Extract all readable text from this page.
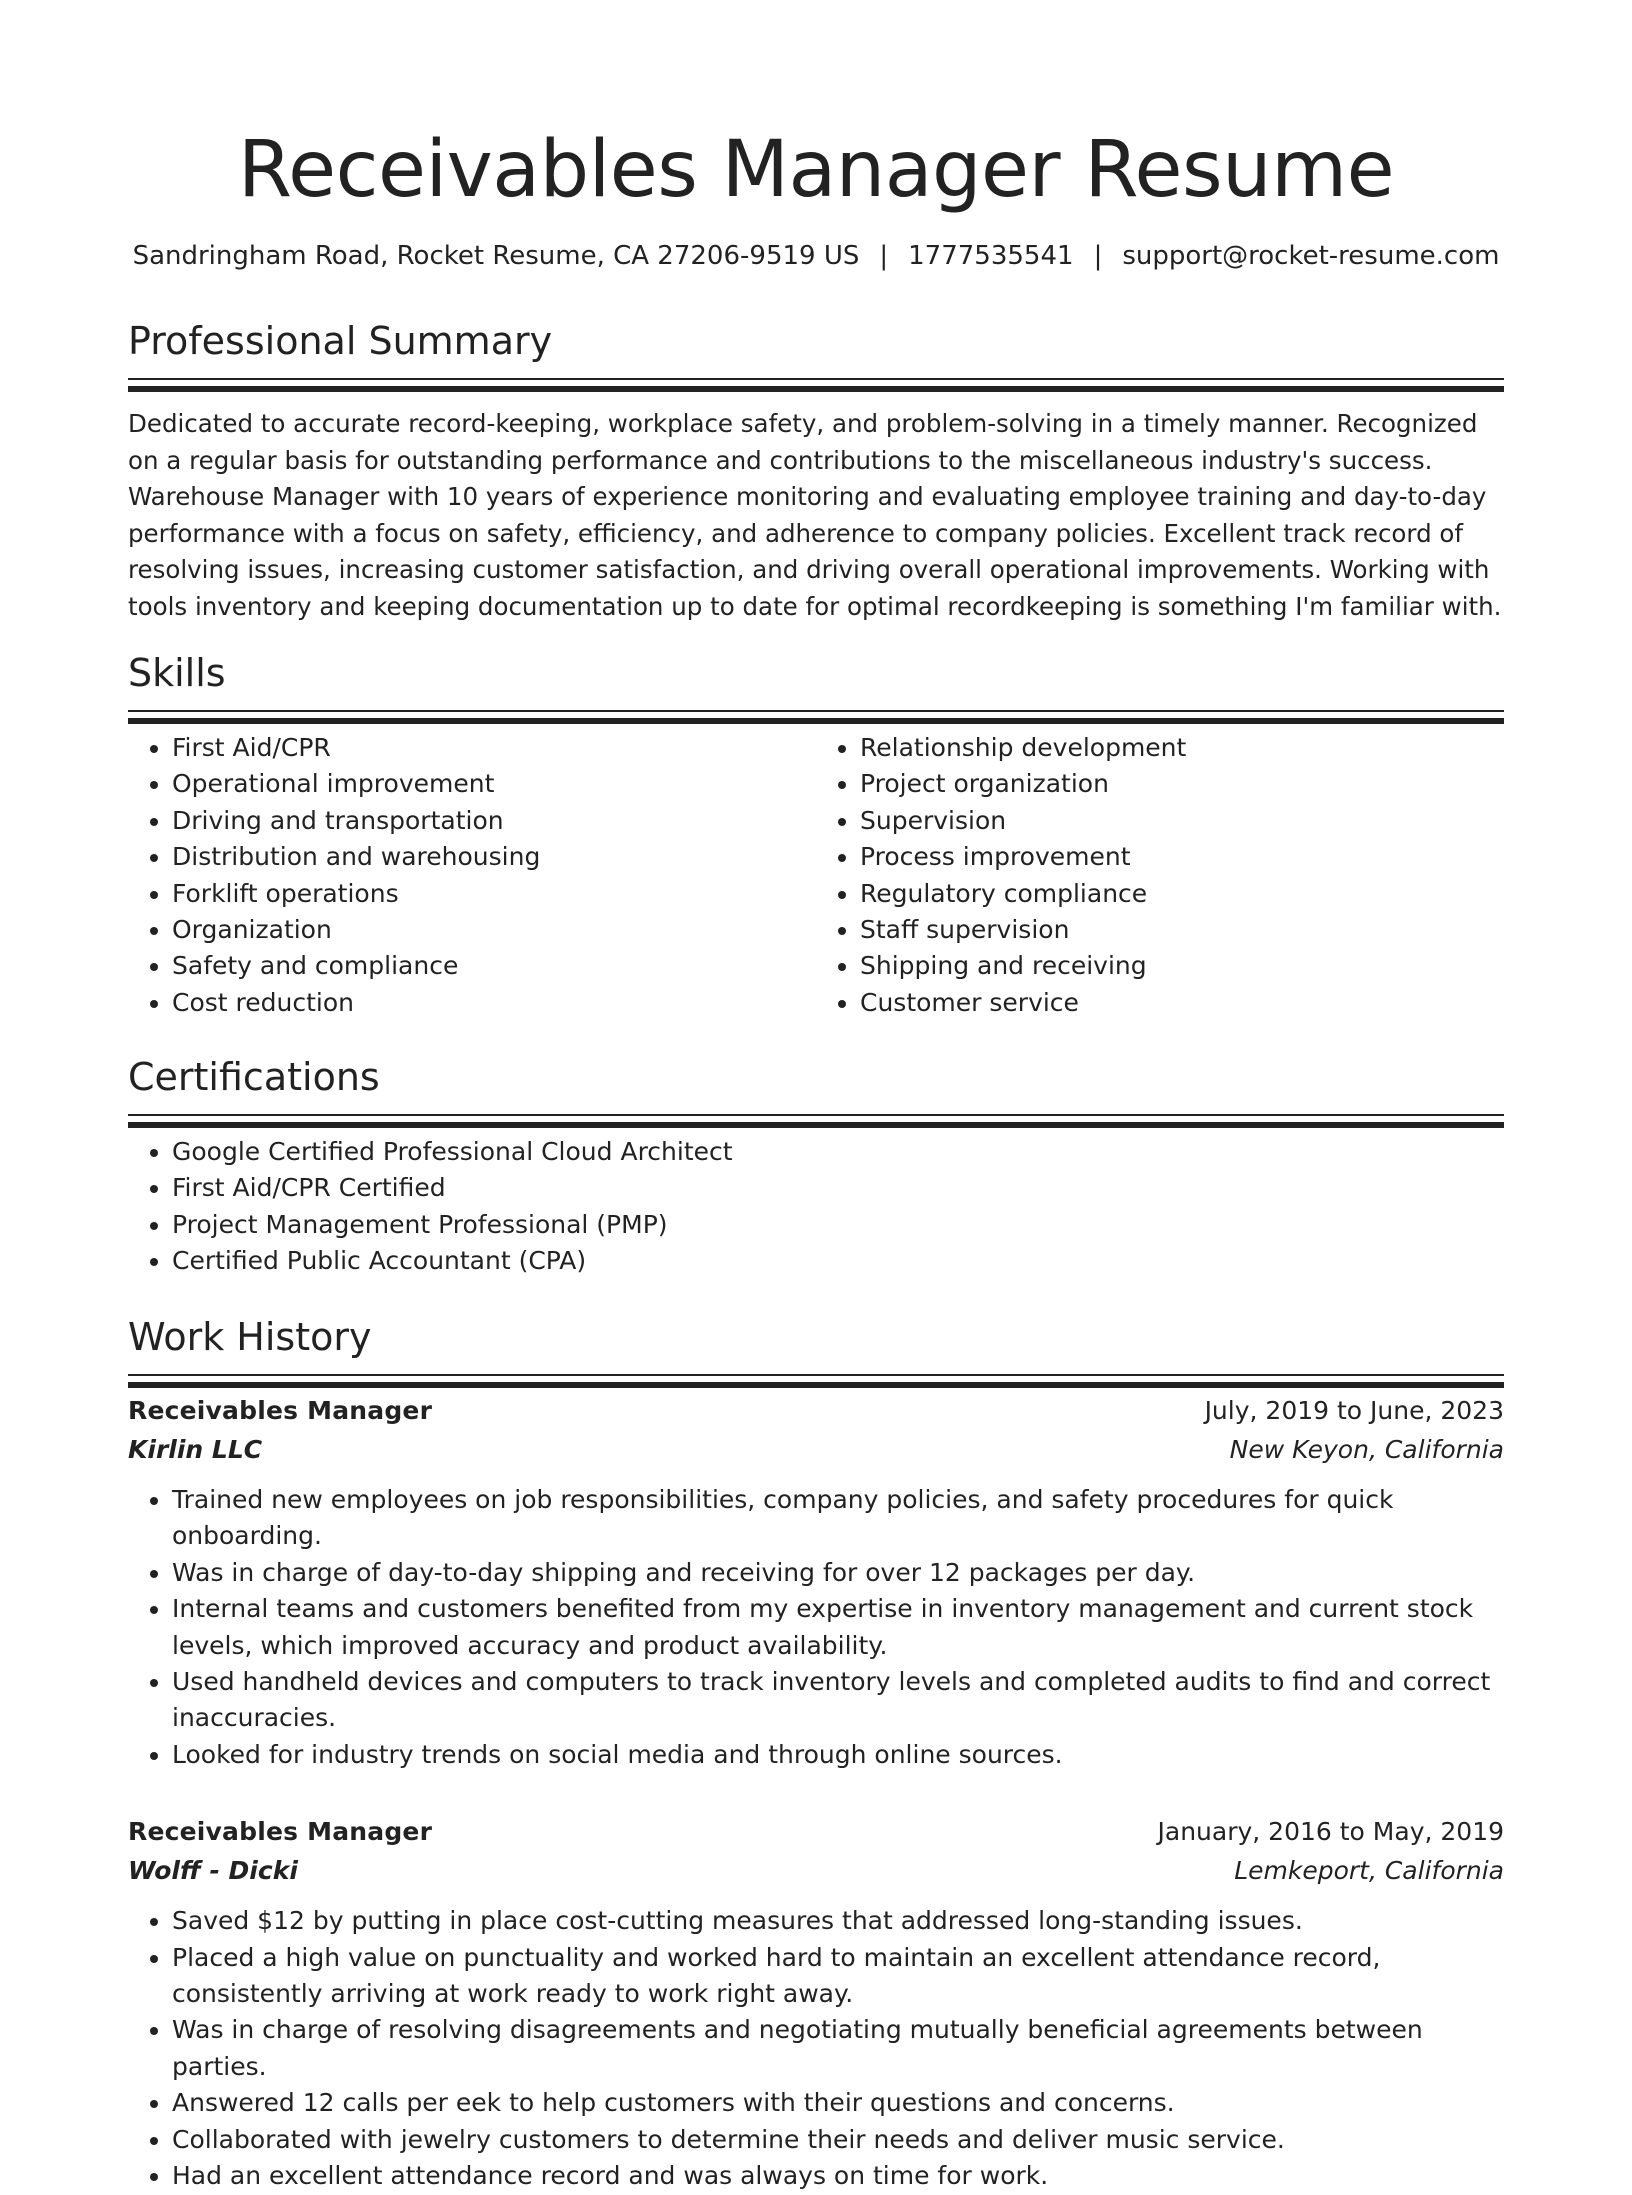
Receivables Manager Resume
Sandringham Road, Rocket Resume, CA 27206-9519 US | 1777535541 | support@rocket-resume.com
Professional Summary
Dedicated to accurate record-keeping, workplace safety, and problem-solving in a timely manner. Recognized on a regular basis for outstanding performance and contributions to the miscellaneous industry's success. Warehouse Manager with 10 years of experience monitoring and evaluating employee training and day-to-day performance with a focus on safety, efficiency, and adherence to company policies. Excellent track record of resolving issues, increasing customer satisfaction, and driving overall operational improvements. Working with tools inventory and keeping documentation up to date for optimal recordkeeping is something I'm familiar with.
Skills
• First Aid/CPR
• Operational improvement
• Driving and transportation
• Distribution and warehousing
• Forklift operations
• Organization
• Safety and compliance
• Cost reduction
• Relationship development
• Project organization
• Supervision
• Process improvement
• Regulatory compliance
• Staff supervision
• Shipping and receiving
• Customer service
Certifications
• Google Certified Professional Cloud Architect
• First Aid/CPR Certified
• Project Management Professional (PMP)
• Certified Public Accountant (CPA)
Work History
Receivables Manager	July, 2019 to June, 2023
Kirlin LLC	New Keyon, California
• Trained new employees on job responsibilities, company policies, and safety procedures for quick onboarding.
• Was in charge of day-to-day shipping and receiving for over 12 packages per day.
• Internal teams and customers benefited from my expertise in inventory management and current stock levels, which improved accuracy and product availability.
• Used handheld devices and computers to track inventory levels and completed audits to find and correct inaccuracies.
• Looked for industry trends on social media and through online sources.
Receivables Manager	January, 2016 to May, 2019
Wolff - Dicki	Lemkeport, California
• Saved $12 by putting in place cost-cutting measures that addressed long-standing issues.
• Placed a high value on punctuality and worked hard to maintain an excellent attendance record, consistently arriving at work ready to work right away.
• Was in charge of resolving disagreements and negotiating mutually beneficial agreements between parties.
• Answered 12 calls per eek to help customers with their questions and concerns.
• Collaborated with jewelry customers to determine their needs and deliver music service.
• Had an excellent attendance record and was always on time for work.
